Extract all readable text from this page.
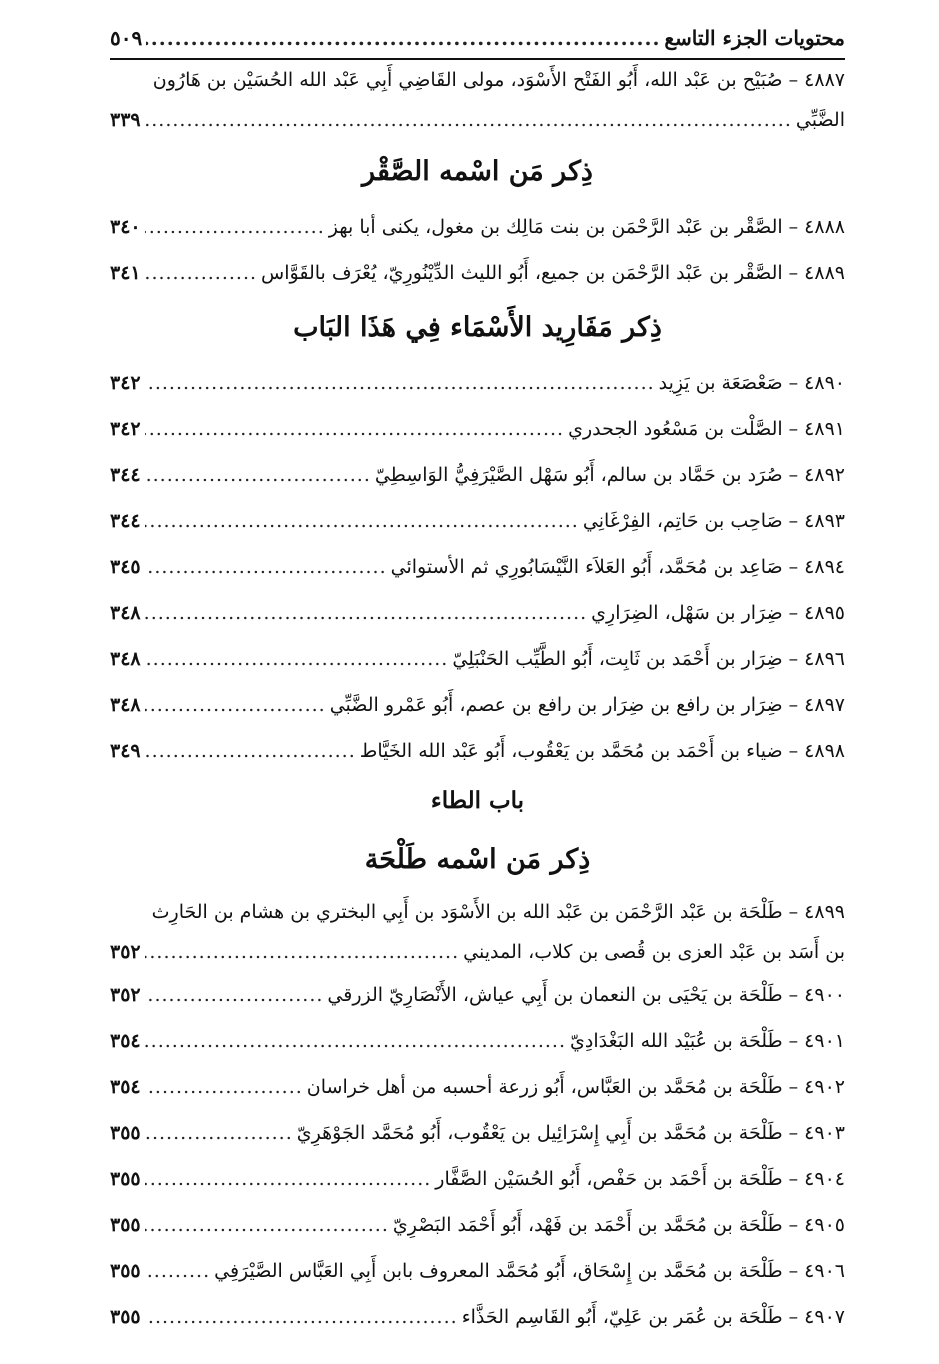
محتويات الجزء التاسع
.....
٥٠٩
٤٨٨٧ – صُبَيْح بن عَبْد الله، أَبُو الفَتْح الأَسْوَد، مولى القَاضِي أَبِي عَبْد الله الحُسَيْن بن هَارُون
الضَّبِّي
.....
٣٣٩
ذِكر مَن اسْمه الصَّقْر
٤٨٨٨
–
الصَّقْر بن عَبْد الرَّحْمَن بن بنت مَالِك بن مغول، يكنى أبا بهز
.....
٣٤٠
٤٨٨٩
–
الصَّقْر بن عَبْد الرَّحْمَن بن جميع، أَبُو الليث الدِّيْنُورِيّ، يُعْرَف بالقَوَّاس
.....
٣٤١
ذِكر مَفَارِيد الأَسْمَاء فِي هَذَا البَاب
٤٨٩٠
–
صَعْصَعَة بن يَزِيد
.....
٣٤٢
٤٨٩١
–
الصَّلْت بن مَسْعُود الجحدري
.....
٣٤٢
٤٨٩٢
–
صُرَد بن حَمَّاد بن سالم، أَبُو سَهْل الصَّيْرَفِيُّ الوَاسِطِيّ
.....
٣٤٤
٤٨٩٣
–
صَاحِب بن حَاتِم، الفِرْغَانِي
.....
٣٤٤
٤٨٩٤
–
صَاعِد بن مُحَمَّد، أَبُو العَلاَء النَّيْسَابُورِي ثم الأستوائي
.....
٣٤٥
٤٨٩٥
–
ضِرَار بن سَهْل، الضِرَارِي
.....
٣٤٨
٤٨٩٦
–
ضِرَار بن أَحْمَد بن ثَابِت، أَبُو الطَّيِّب الحَنْبَلِيّ
.....
٣٤٨
٤٨٩٧
–
ضِرَار بن رافع بن ضِرَار بن رافع بن عصم، أَبُو عَمْرو الضَّبِّي
.....
٣٤٨
٤٨٩٨
–
ضياء بن أَحْمَد بن مُحَمَّد بن يَعْقُوب، أَبُو عَبْد الله الخَيَّاط
.....
٣٤٩
باب الطاء
ذِكر مَن اسْمه طَلْحَة
٤٨٩٩ – طَلْحَة بن عَبْد الرَّحْمَن بن عَبْد الله بن الأَسْوَد بن أَبِي البختري بن هشام بن الحَارِث
بن أَسَد بن عَبْد العزى بن قُصى بن كلاب، المديني
.....
٣٥٢
٤٩٠٠
–
طَلْحَة بن يَحْيَى بن النعمان بن أَبِي عياش، الأَنْصَارِيّ الزرقي
.....
٣٥٢
٤٩٠١
–
طَلْحَة بن عُبَيْد الله البَغْدَادِيّ
.....
٣٥٤
٤٩٠٢
–
طَلْحَة بن مُحَمَّد بن العَبَّاس، أَبُو زرعة أحسبه من أهل خراسان
.....
٣٥٤
٤٩٠٣
–
طَلْحَة بن مُحَمَّد بن أَبِي إِسْرَائِيل بن يَعْقُوب، أَبُو مُحَمَّد الجَوْهَرِيّ
.....
٣٥٥
٤٩٠٤
–
طَلْحَة بن أَحْمَد بن حَفْص، أَبُو الحُسَيْن الصَّفَّار
.....
٣٥٥
٤٩٠٥
–
طَلْحَة بن مُحَمَّد بن أَحْمَد بن فَهْد، أَبُو أَحْمَد البَصْرِيّ
.....
٣٥٥
٤٩٠٦
–
طَلْحَة بن مُحَمَّد بن إِسْحَاق، أَبُو مُحَمَّد المعروف بابن أَبِي العَبَّاس الصَّيْرَفِي
.....
٣٥٥
٤٩٠٧
–
طَلْحَة بن عُمَر بن عَلِيّ، أَبُو القَاسِم الحَذَّاء
.....
٣٥٥
